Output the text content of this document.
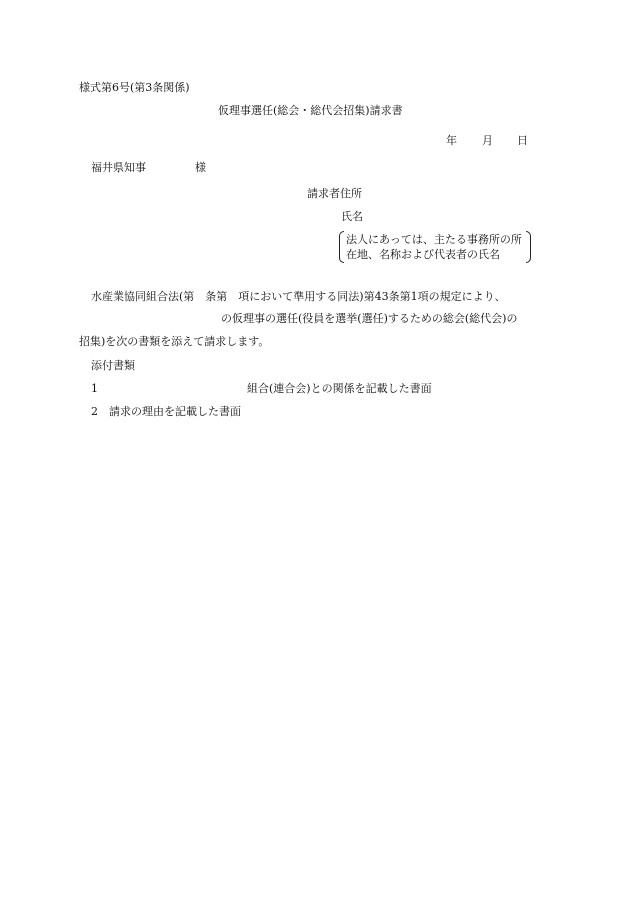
様式第6号(第3条関係)
仮理事選任(総会・総代会招集)請求書
年 月 日
福井県知事	様
請求者住所
氏名
法人にあっては、主たる事務所の所
在地、名称および代表者の氏名
水産業協同組合法(第　条第　項において準用する同法)第43条第1項の規定により、
の仮理事の選任(役員を選挙(選任)するための総会(総代会)の
招集)を次の書類を添えて請求します。
添付書類
1	組合(連合会)との関係を記載した書面
2 請求の理由を記載した書面
